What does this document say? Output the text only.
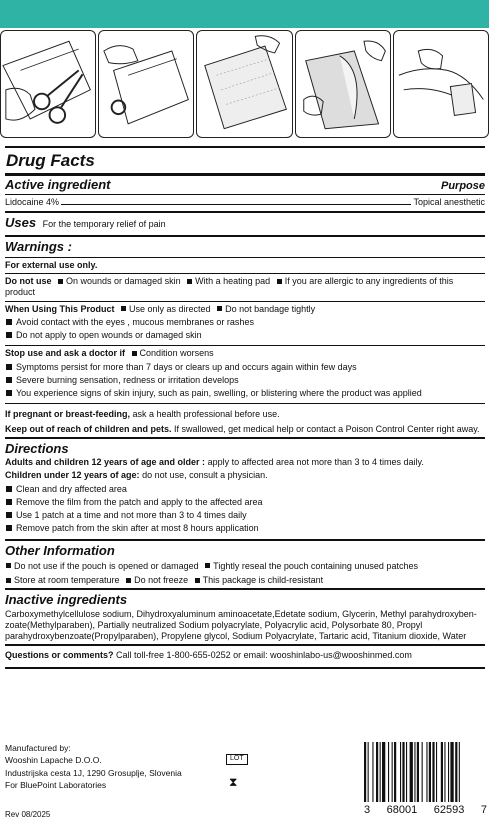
Drug Facts
Active ingredient	Purpose
Lidocaine 4%	Topical anesthetic
Uses For the temporary relief of pain
Warnings :
For external use only.
Do not use On wounds or damaged skin With a heating pad If you are allergic to any ingredients of this product
When Using This Product Use only as directed Do not bandage tightly
Avoid contact with the eyes , mucous membranes or rashes
Do not apply to open wounds or damaged skin
Stop use and ask a doctor if Condition worsens
Symptoms persist for more than 7 days or clears up and occurs again within few days
Severe burning sensation, redness or irritation develops
You experience signs of skin injury, such as pain, swelling, or blistering where the product was applied
If pregnant or breast-feeding, ask a health professional before use.
Keep out of reach of children and pets. If swallowed, get medical help or contact a Poison Control Center right away.
Directions
Adults and children 12 years of age and older : apply to affected area not more than 3 to 4 times daily.
Children under 12 years of age: do not use, consult a physician.
Clean and dry affected area
Remove the film from the patch and apply to the affected area
Use 1 patch at a time and not more than 3 to 4 times daily
Remove patch from the skin after at most 8 hours application
Other Information
Do not use if the pouch is opened or damaged Tightly reseal the pouch containing unused patches
Store at room temperature Do not freeze This package is child-resistant
Inactive ingredients
Carboxymethylcellulose sodium, Dihydroxyaluminum aminoacetate,Edetate sodium, Glycerin, Methyl parahydroxyben-zoate(Methylparaben), Partially neutralized Sodium polyacrylate, Polyacrylic acid, Polysorbate 80, Propyl parahydroxybenzoate(Propylparaben), Propylene glycol, Sodium Polyacrylate, Tartaric acid, Titanium dioxide, Water
Questions or comments? Call toll-free 1-800-655-0252 or email: wooshinlabo-us@wooshinmed.com
Manufactured by:
Wooshin Lapache D.O.O.
Industrijska cesta 1J, 1290 Grosuplje, Slovenia
For BluePoint Laboratories
LOT
⧗
Rev 08/2025	3 68001 62593 7
